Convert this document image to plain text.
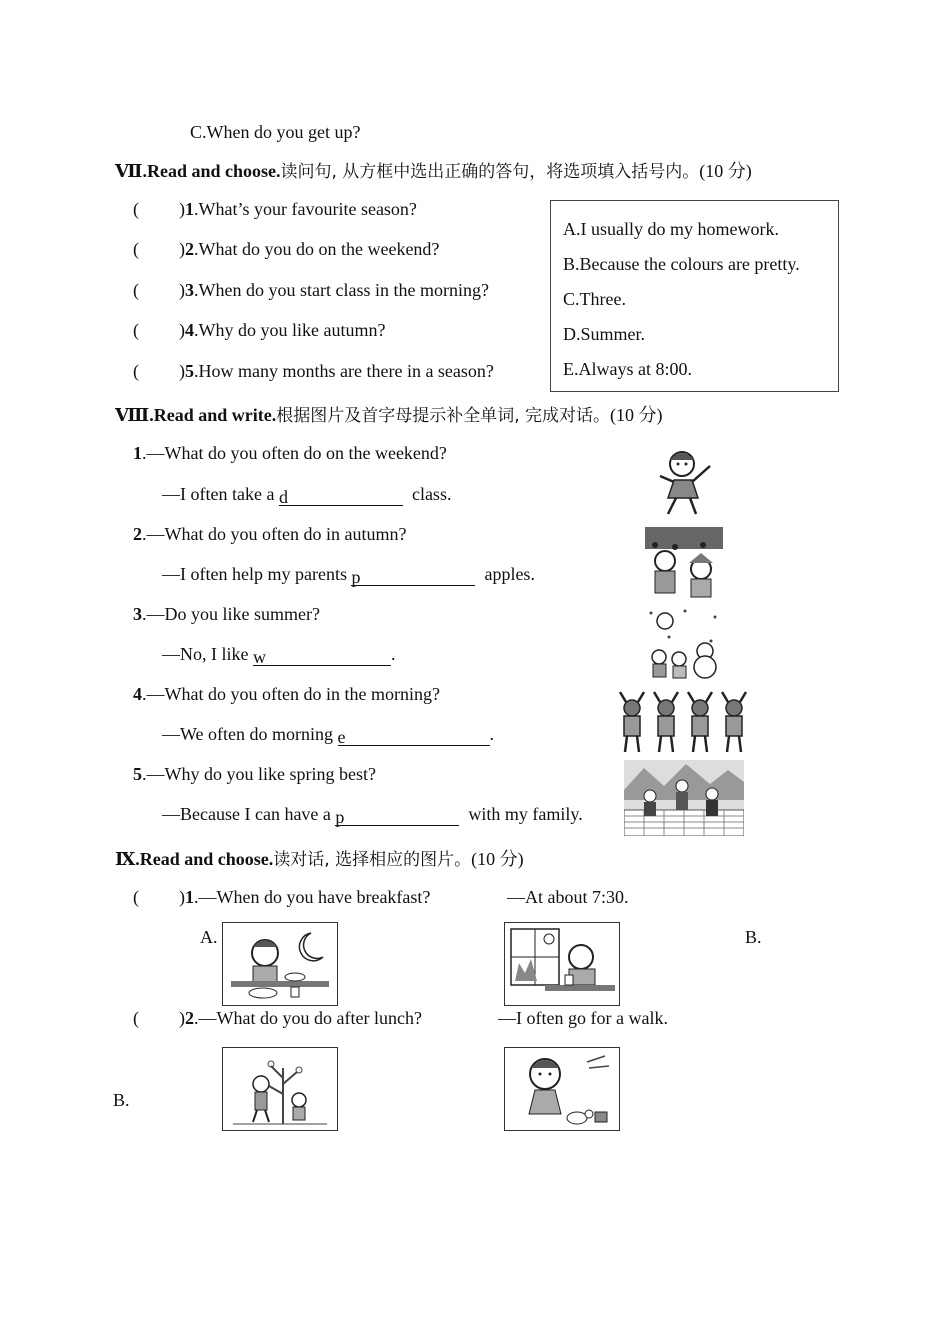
C.When do you get up?
Ⅶ.Read and choose.读问句, 从方框中选出正确的答句，将选项填入括号内。(10 分)
( )1.What’s your favourite season?
( )2.What do you do on the weekend?
( )3.When do you start class in the morning?
( )4.Why do you like autumn?
( )5.How many months are there in a season?
A.I usually do my homework.
B.Because the colours are pretty.
C.Three.
D.Summer.
E.Always at 8:00.
Ⅷ.Read and write.根据图片及首字母提示补全单词, 完成对话。(10 分)
1.—What do you often do on the weekend?
—I often take a d	class.
2.—What do you often do in autumn?
—I often help my parents p	apples.
3.—Do you like summer?
—No, I like w	.
4.—What do you often do in the morning?
—We often do morning e	.
5.—Why do you like spring best?
—Because I can have a p	with my family.
Ⅸ.Read and choose.读对话, 选择相应的图片。(10 分)
( )1.—When do you have breakfast?	—At about 7:30.
A.	B.
( )2.—What do you do after lunch?	—I often go for a walk.
B.
